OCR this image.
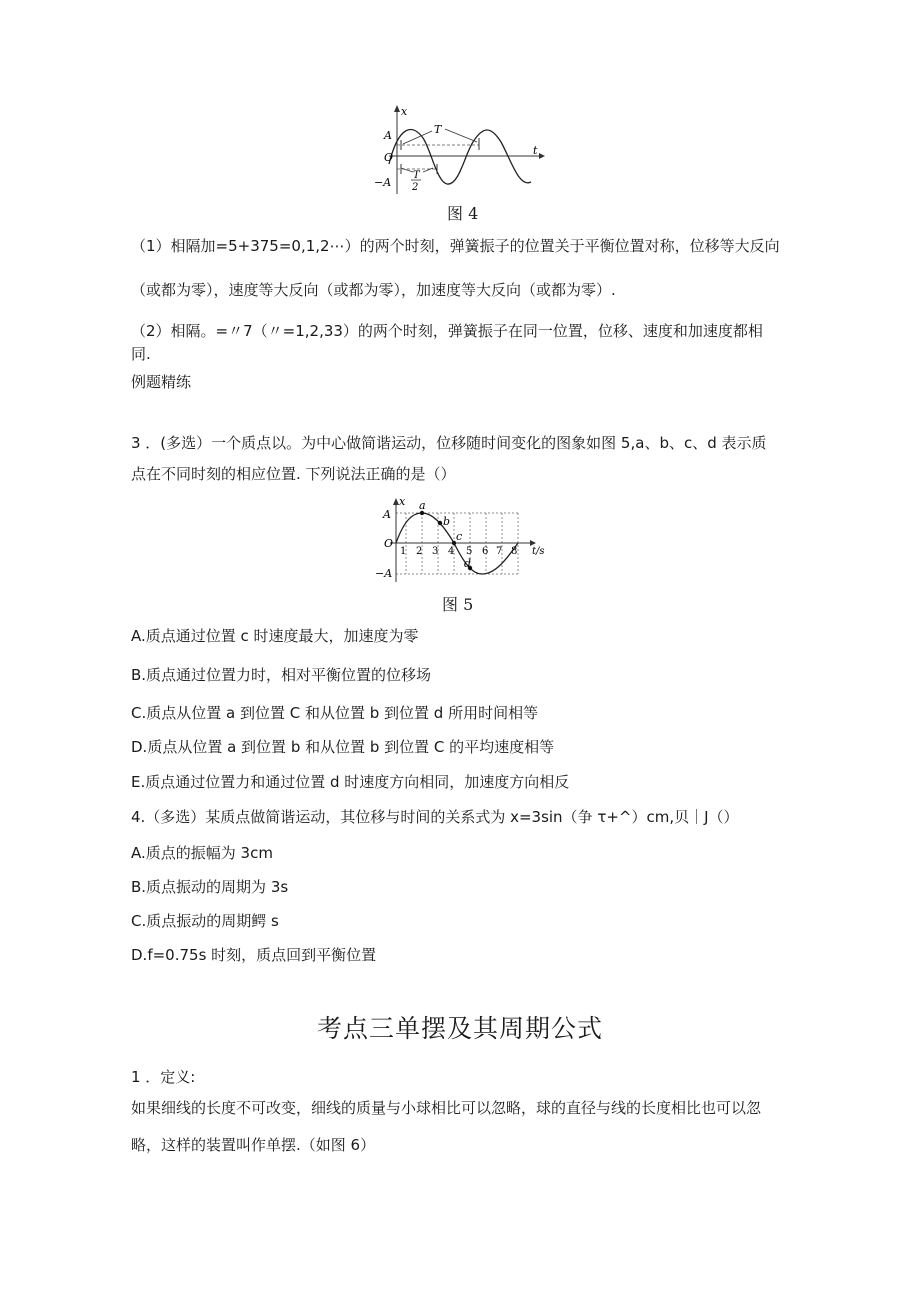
x
A
O
−A
T
t
T
2
图 4
（1）相隔加=5+375=0,1,2⋯）的两个时刻，弹簧振子的位置关于平衡位置对称，位移等大反向
（或都为零），速度等大反向（或都为零），加速度等大反向（或都为零）.
（2）相隔。=〃7（〃=1,2,33）的两个时刻，弹簧振子在同一位置，位移、速度和加速度都相
同.
例题精练
3 ．(多选）一个质点以。为中心做简谐运动，位移随时间变化的图象如图 5,a、b、c、d 表示质
点在不同时刻的相应位置. 下列说法正确的是（）
x
A
O
−A
a
b
c
d
t/s
1 2 3 4 5 6 7 8
图 5
A.质点通过位置 c 时速度最大，加速度为零
B.质点通过位置力时，相对平衡位置的位移场
C.质点从位置 a 到位置 C 和从位置 b 到位置 d 所用时间相等
D.质点从位置 a 到位置 b 和从位置 b 到位置 C 的平均速度相等
E.质点通过位置力和通过位置 d 时速度方向相同，加速度方向相反
4.（多选）某质点做简谐运动，其位移与时间的关系式为 x=3sin（争 τ+^）cm,贝｜J（）
A.质点的振幅为 3cm
B.质点振动的周期为 3s
C.质点振动的周期鳄 s
D.f=0.75s 时刻，质点回到平衡位置
考点三单摆及其周期公式
1 ．定义:
如果细线的长度不可改变，细线的质量与小球相比可以忽略，球的直径与线的长度相比也可以忽
略，这样的装置叫作单摆.（如图 6）
